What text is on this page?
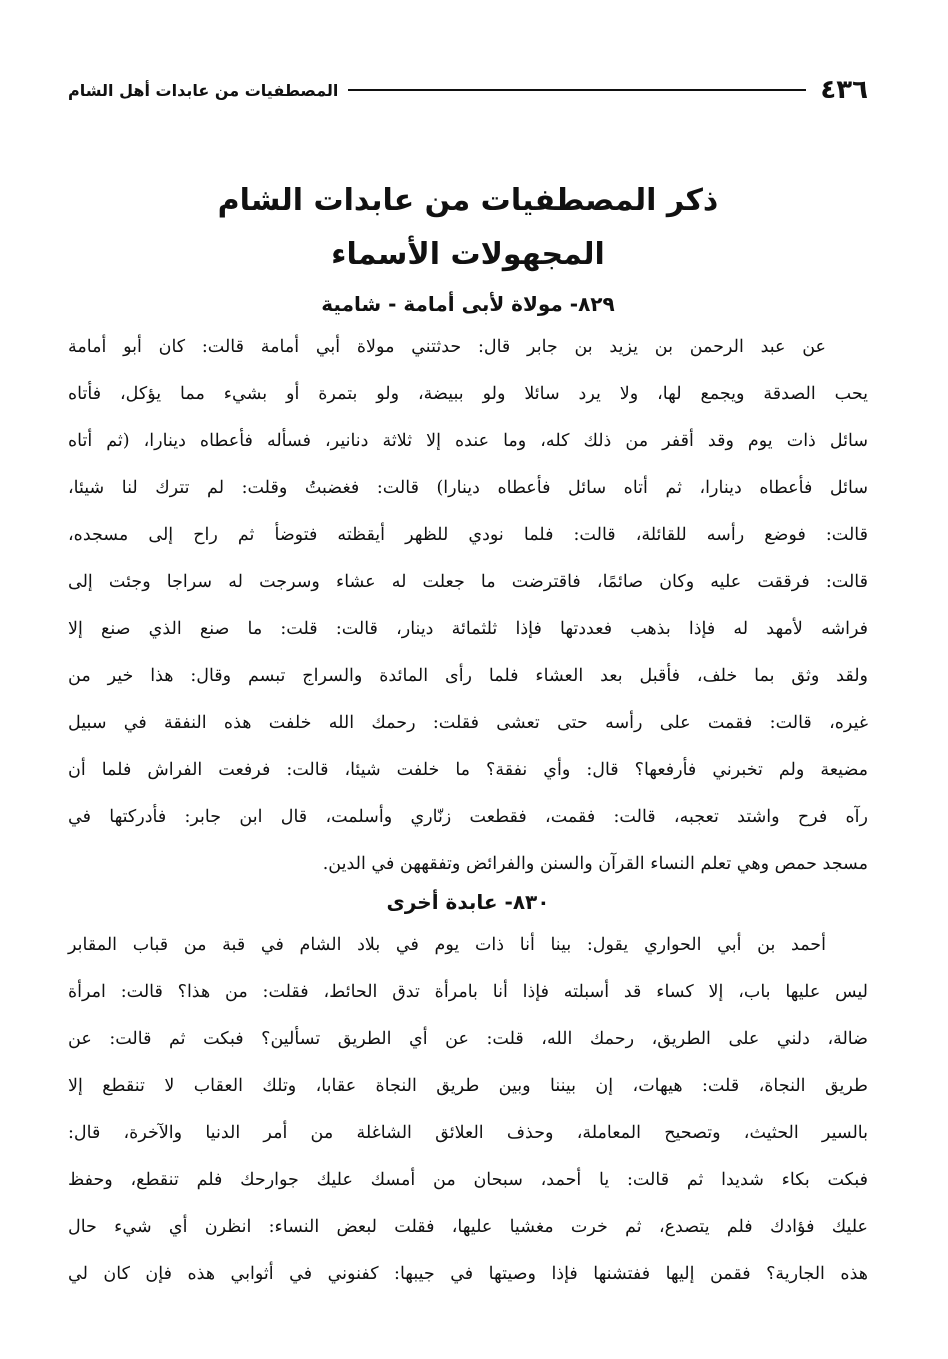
٤٣٦
المصطفيات من عابدات أهل الشام
ذكر المصطفيات من عابدات الشام
المجهولات الأسماء
٨٢٩- مولاة لأبى أمامة - شامية
عن عبد الرحمن بن يزيد بن جابر قال: حدثتني مولاة أبي أمامة قالت: كان أبو أمامة
يحب الصدقة ويجمع لها، ولا يرد سائلا ولو ببيضة، ولو بتمرة أو بشيء مما يؤكل، فأتاه
سائل ذات يوم وقد أقفر من ذلك كله، وما عنده إلا ثلاثة دنانير، فسأله فأعطاه دينارا، (ثم أتاه
سائل فأعطاه دينارا، ثم أتاه سائل فأعطاه دينارا) قالت: فغضبتُ وقلت: لم تترك لنا شيئا،
قالت: فوضع رأسه للقائلة، قالت: فلما نودي للظهر أيقظته فتوضأ ثم راح إلى مسجده،
قالت: فرققت عليه وكان صائمًا، فاقترضت ما جعلت له عشاء وسرجت له سراجا وجئت إلى
فراشه لأمهد له فإذا بذهب فعددتها فإذا ثلثمائة دينار، قالت: قلت: ما صنع الذي صنع إلا
ولقد وثق بما خلف، فأقبل بعد العشاء فلما رأى المائدة والسراج تبسم وقال: هذا خير من
غيره، قالت: فقمت على رأسه حتى تعشى فقلت: رحمك الله خلفت هذه النفقة في سبيل
مضيعة ولم تخبرني فأرفعها؟ قال: وأي نفقة؟ ما خلفت شيئا، قالت: فرفعت الفراش فلما أن
رآه فرح واشتد تعجبه، قالت: فقمت، فقطعت زنّاري وأسلمت، قال ابن جابر: فأدركتها في
مسجد حمص وهي تعلم النساء القرآن والسنن والفرائض وتفقههن في الدين.
٨٣٠- عابدة أخرى
أحمد بن أبي الحواري يقول: بينا أنا ذات يوم في بلاد الشام في قبة من قباب المقابر
ليس عليها باب، إلا كساء قد أسبلته فإذا أنا بامرأة تدق الحائط، فقلت: من هذا؟ قالت: امرأة
ضالة، دلني على الطريق، رحمك الله، قلت: عن أي الطريق تسألين؟ فبكت ثم قالت: عن
طريق النجاة، قلت: هيهات، إن بيننا وبين طريق النجاة عقابا، وتلك العقاب لا تنقطع إلا
بالسير الحثيث، وتصحيح المعاملة، وحذف العلائق الشاغلة من أمر الدنيا والآخرة، قال:
فبكت بكاء شديدا ثم قالت: يا أحمد، سبحان من أمسك عليك جوارحك فلم تنقطع، وحفظ
عليك فؤادك فلم يتصدع، ثم خرت مغشيا عليها، فقلت لبعض النساء: انظرن أي شيء حال
هذه الجارية؟ فقمن إليها ففتشنها فإذا وصيتها في جيبها: كفنوني في أثوابي هذه فإن كان لي
